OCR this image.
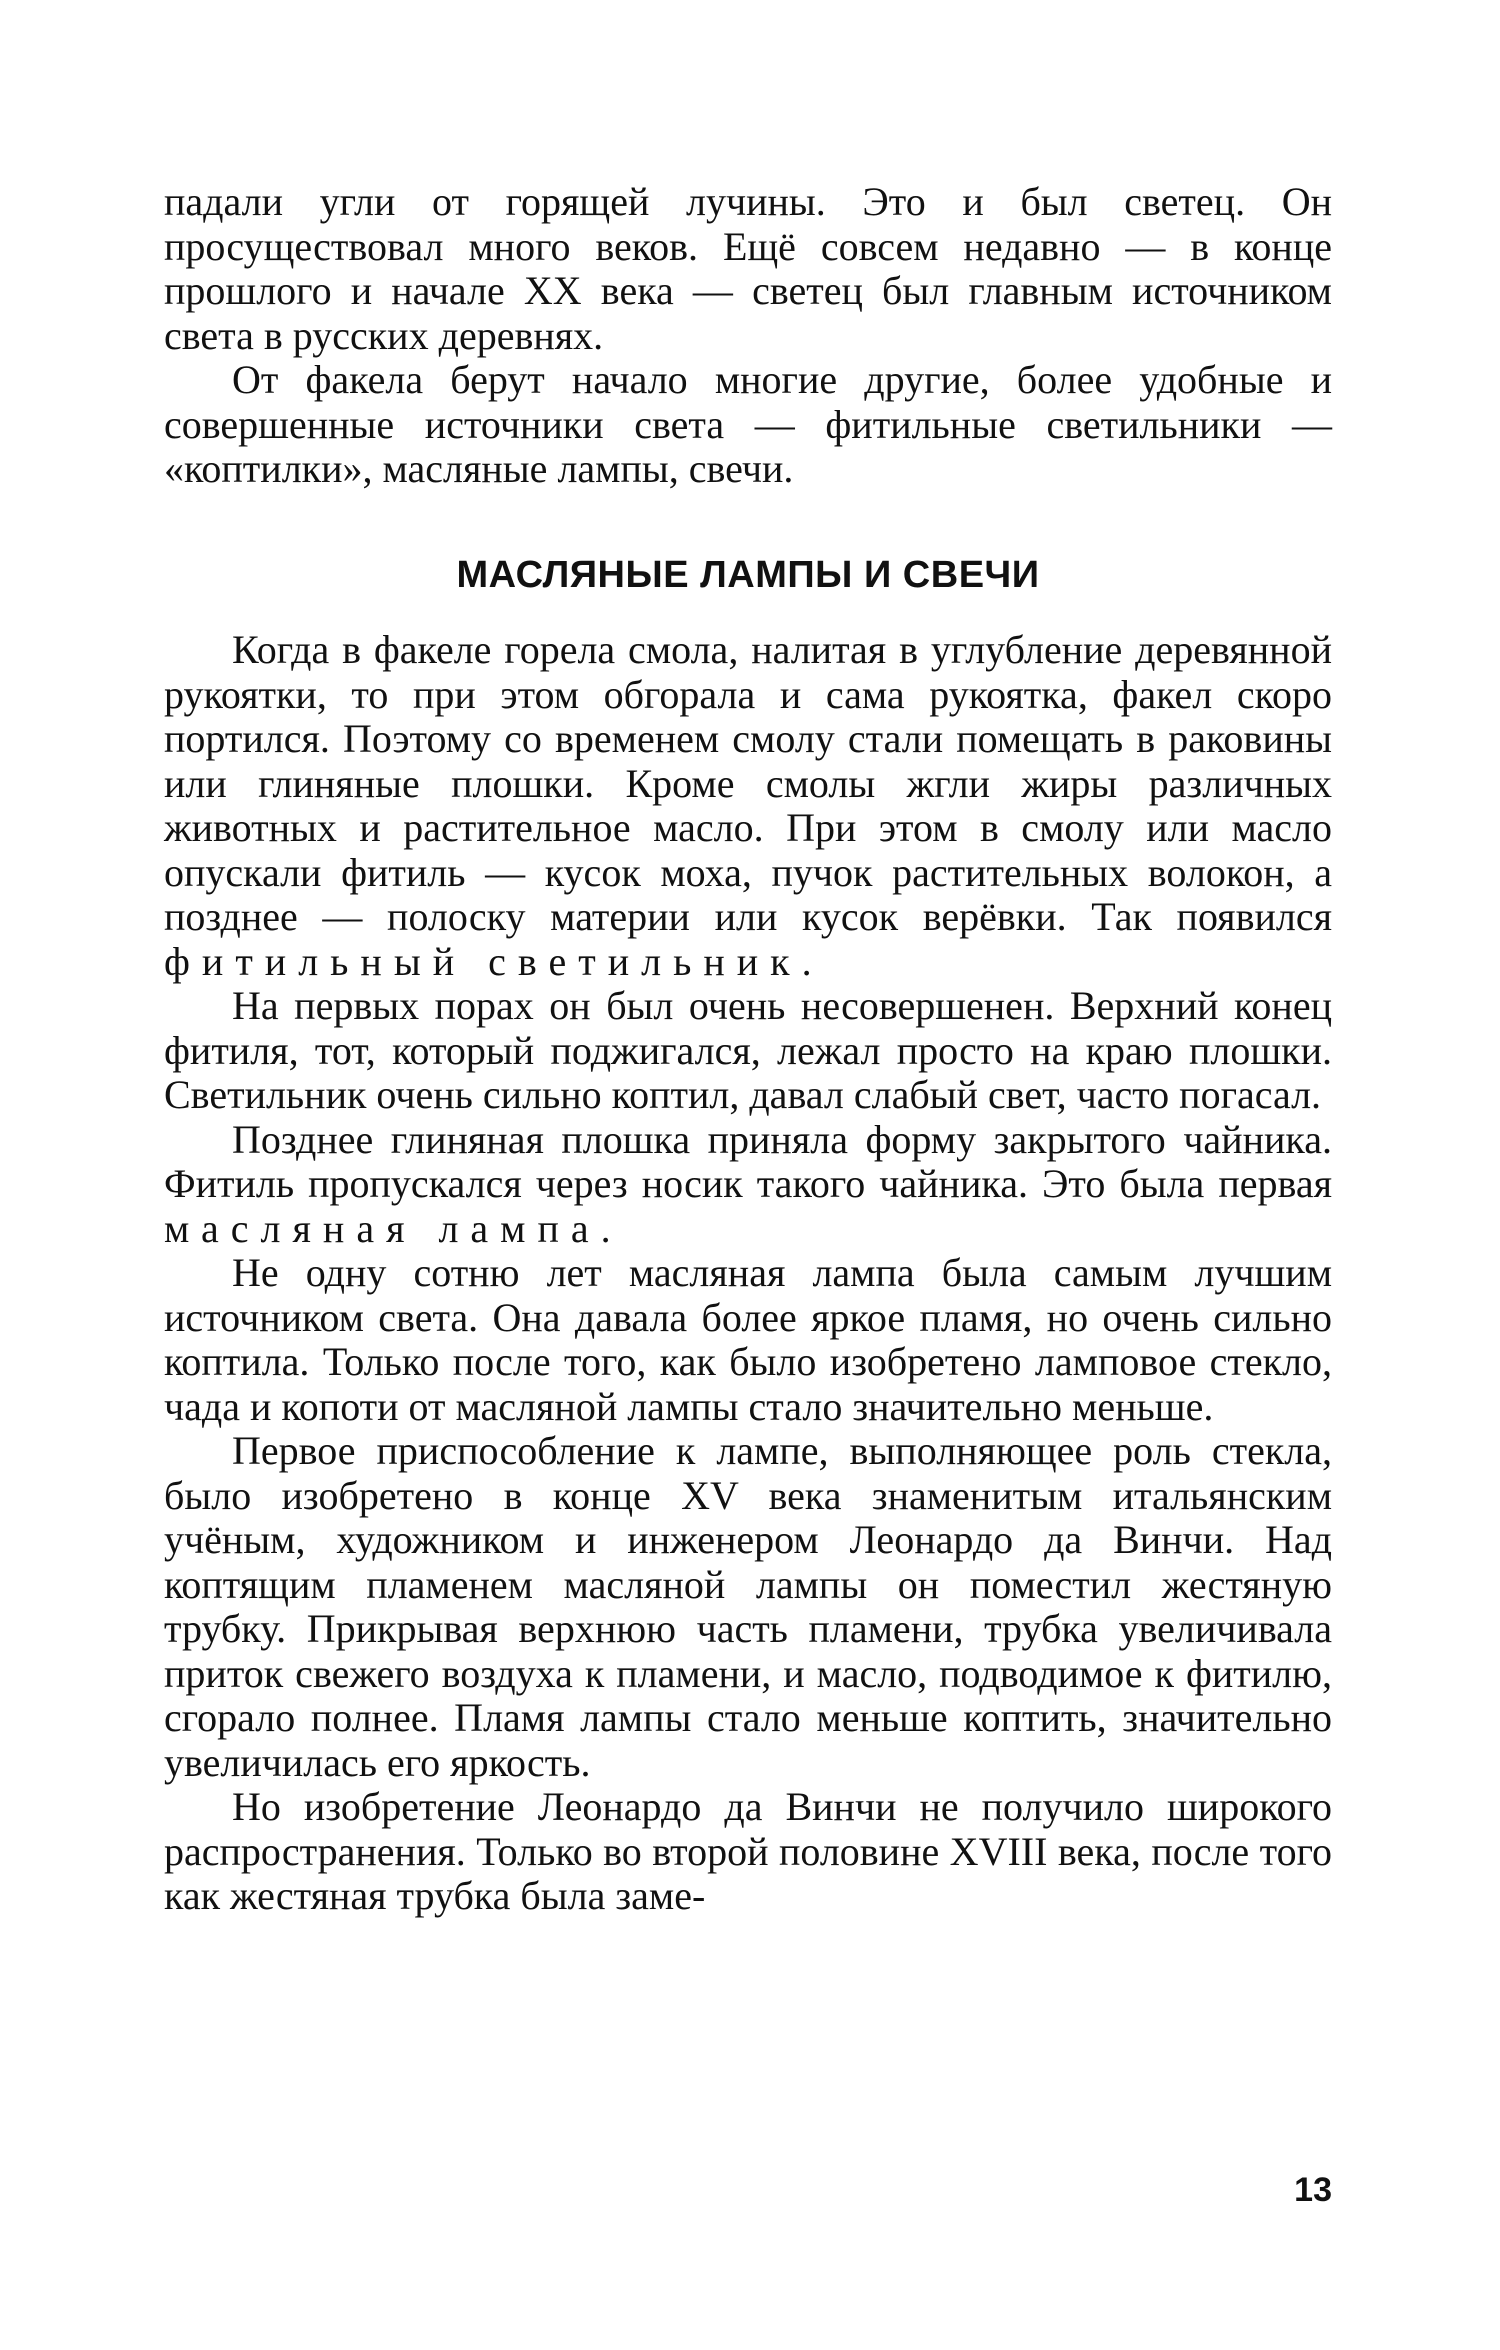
падали угли от горящей лучины. Это и был светец. Он просуществовал много веков. Ещё совсем недавно — в конце прошлого и начале XX века — светец был главным источником света в русских деревнях.

От факела берут начало многие другие, более удобные и совершенные источники света — фитильные светильники — «коптилки», масляные лампы, свечи.

МАСЛЯНЫЕ ЛАМПЫ И СВЕЧИ

Когда в факеле горела смола, налитая в углубление деревянной рукоятки, то при этом обгорала и сама рукоятка, факел скоро портился. Поэтому со временем смолу стали помещать в раковины или глиняные плошки. Кроме смолы жгли жиры различных животных и растительное масло. При этом в смолу или масло опускали фитиль — кусок моха, пучок растительных волокон, а позднее — полоску материи или кусок верёвки. Так появился фитильный светильник.

На первых порах он был очень несовершенен. Верхний конец фитиля, тот, который поджигался, лежал просто на краю плошки. Светильник очень сильно коптил, давал слабый свет, часто погасал.

Позднее глиняная плошка приняла форму закрытого чайника. Фитиль пропускался через носик такого чайника. Это была первая масляная лампа.

Не одну сотню лет масляная лампа была самым лучшим источником света. Она давала более яркое пламя, но очень сильно коптила. Только после того, как было изобретено ламповое стекло, чада и копоти от масляной лампы стало значительно меньше.

Первое приспособление к лампе, выполняющее роль стекла, было изобретено в конце XV века знаменитым итальянским учёным, художником и инженером Леонардо да Винчи. Над коптящим пламенем масляной лампы он поместил жестяную трубку. Прикрывая верхнюю часть пламени, трубка увеличивала приток свежего воздуха к пламени, и масло, подводимое к фитилю, сгорало полнее. Пламя лампы стало меньше коптить, значительно увеличилась его яркость.

Но изобретение Леонардо да Винчи не получило широкого распространения. Только во второй половине XVIII века, после того как жестяная трубка была заме-

13
